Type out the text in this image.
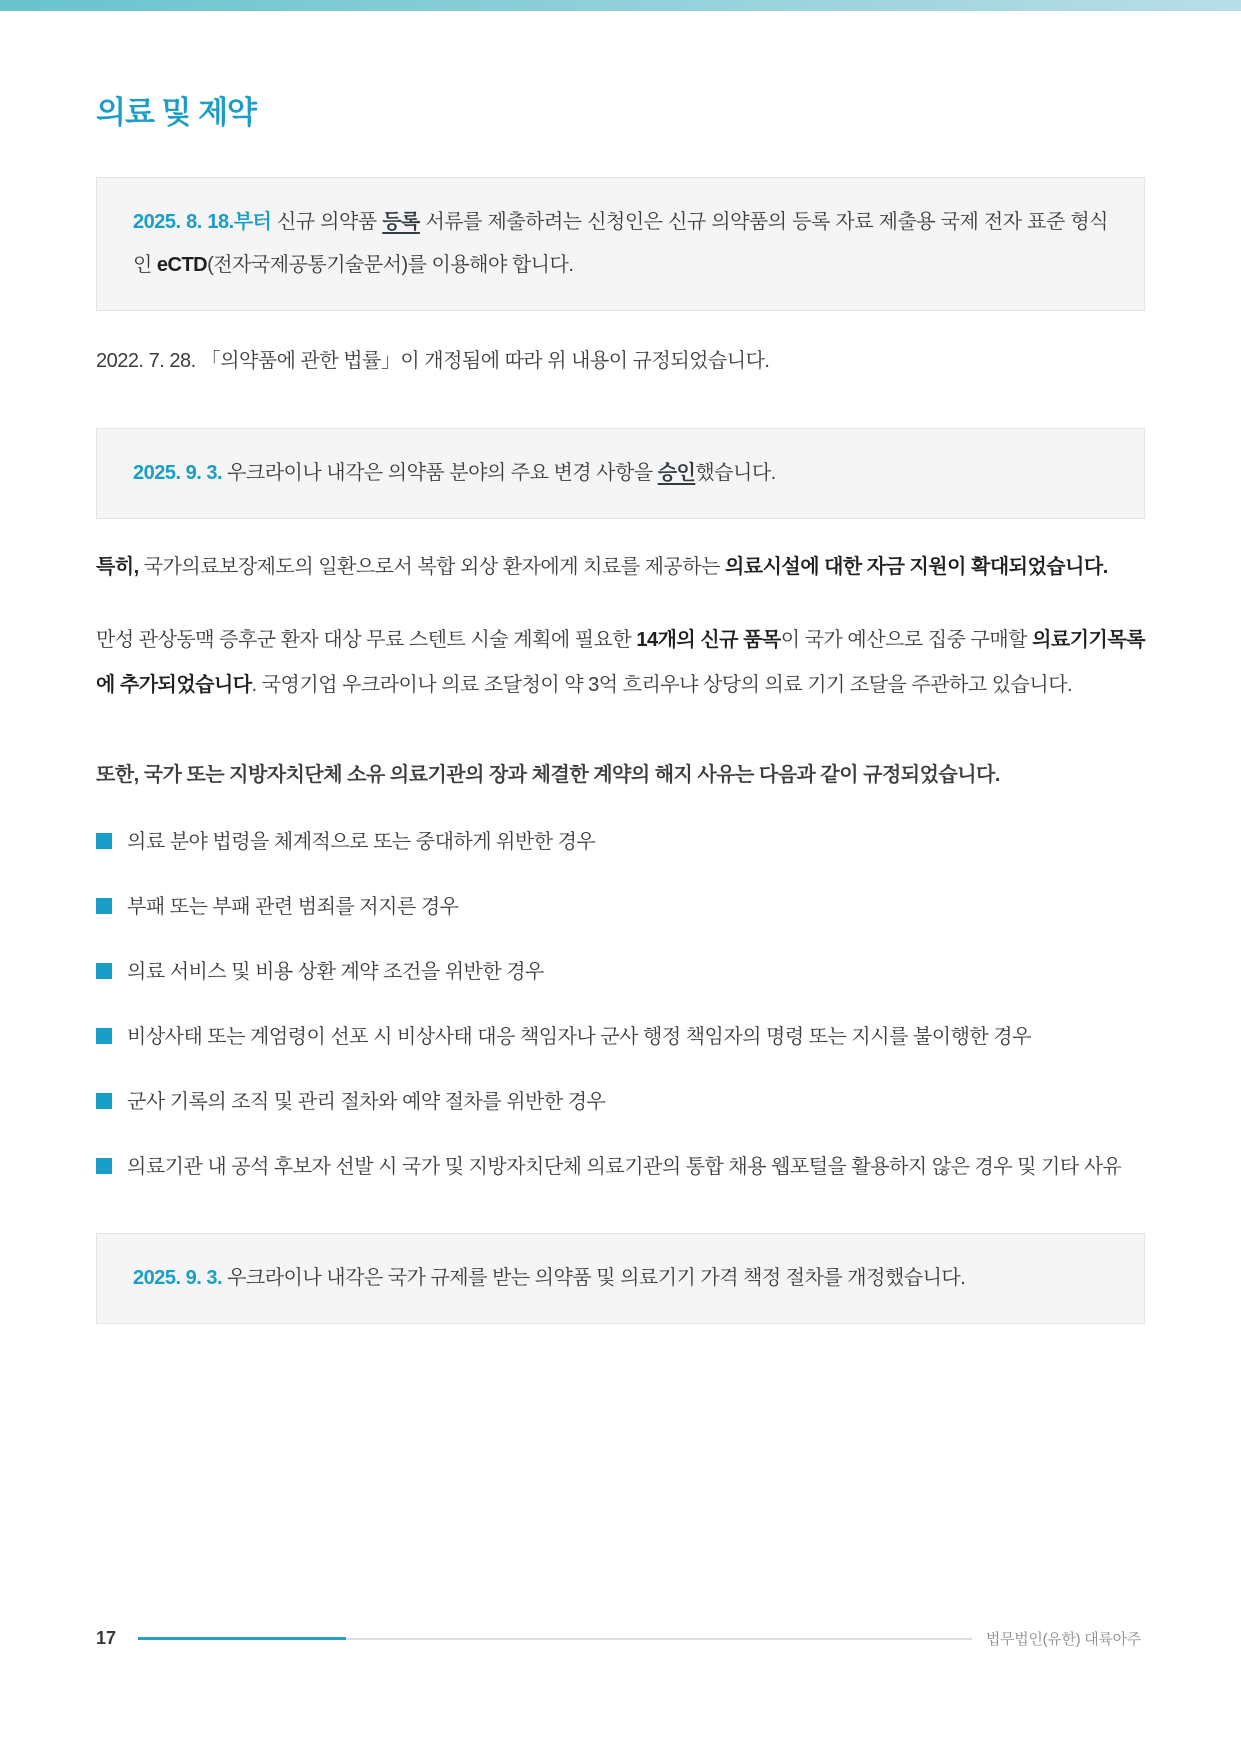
의료 및 제약
2025. 8. 18.부터 신규 의약품 등록 서류를 제출하려는 신청인은 신규 의약품의 등록 자료 제출용 국제 전자 표준 형식인 eCTD(전자국제공통기술문서)를 이용해야 합니다.

2022. 7. 28. 「의약품에 관한 법률」이 개정됨에 따라 위 내용이 규정되었습니다.

2025. 9. 3. 우크라이나 내각은 의약품 분야의 주요 변경 사항을 승인했습니다.

특히, 국가의료보장제도의 일환으로서 복합 외상 환자에게 치료를 제공하는 의료시설에 대한 자금 지원이 확대되었습니다.

만성 관상동맥 증후군 환자 대상 무료 스텐트 시술 계획에 필요한 14개의 신규 품목이 국가 예산으로 집중 구매할 의료기기목록에 추가되었습니다. 국영기업 우크라이나 의료 조달청이 약 3억 흐리우냐 상당의 의료 기기 조달을 주관하고 있습니다.

또한, 국가 또는 지방자치단체 소유 의료기관의 장과 체결한 계약의 해지 사유는 다음과 같이 규정되었습니다.

의료 분야 법령을 체계적으로 또는 중대하게 위반한 경우
부패 또는 부패 관련 범죄를 저지른 경우
의료 서비스 및 비용 상환 계약 조건을 위반한 경우
비상사태 또는 계엄령이 선포 시 비상사태 대응 책임자나 군사 행정 책임자의 명령 또는 지시를 불이행한 경우
군사 기록의 조직 및 관리 절차와 예약 절차를 위반한 경우
의료기관 내 공석 후보자 선발 시 국가 및 지방자치단체 의료기관의 통합 채용 웹포털을 활용하지 않은 경우 및 기타 사유
2025. 9. 3. 우크라이나 내각은 국가 규제를 받는 의약품 및 의료기기 가격 책정 절차를 개정했습니다.
17	법무법인(유한) 대륙아주
